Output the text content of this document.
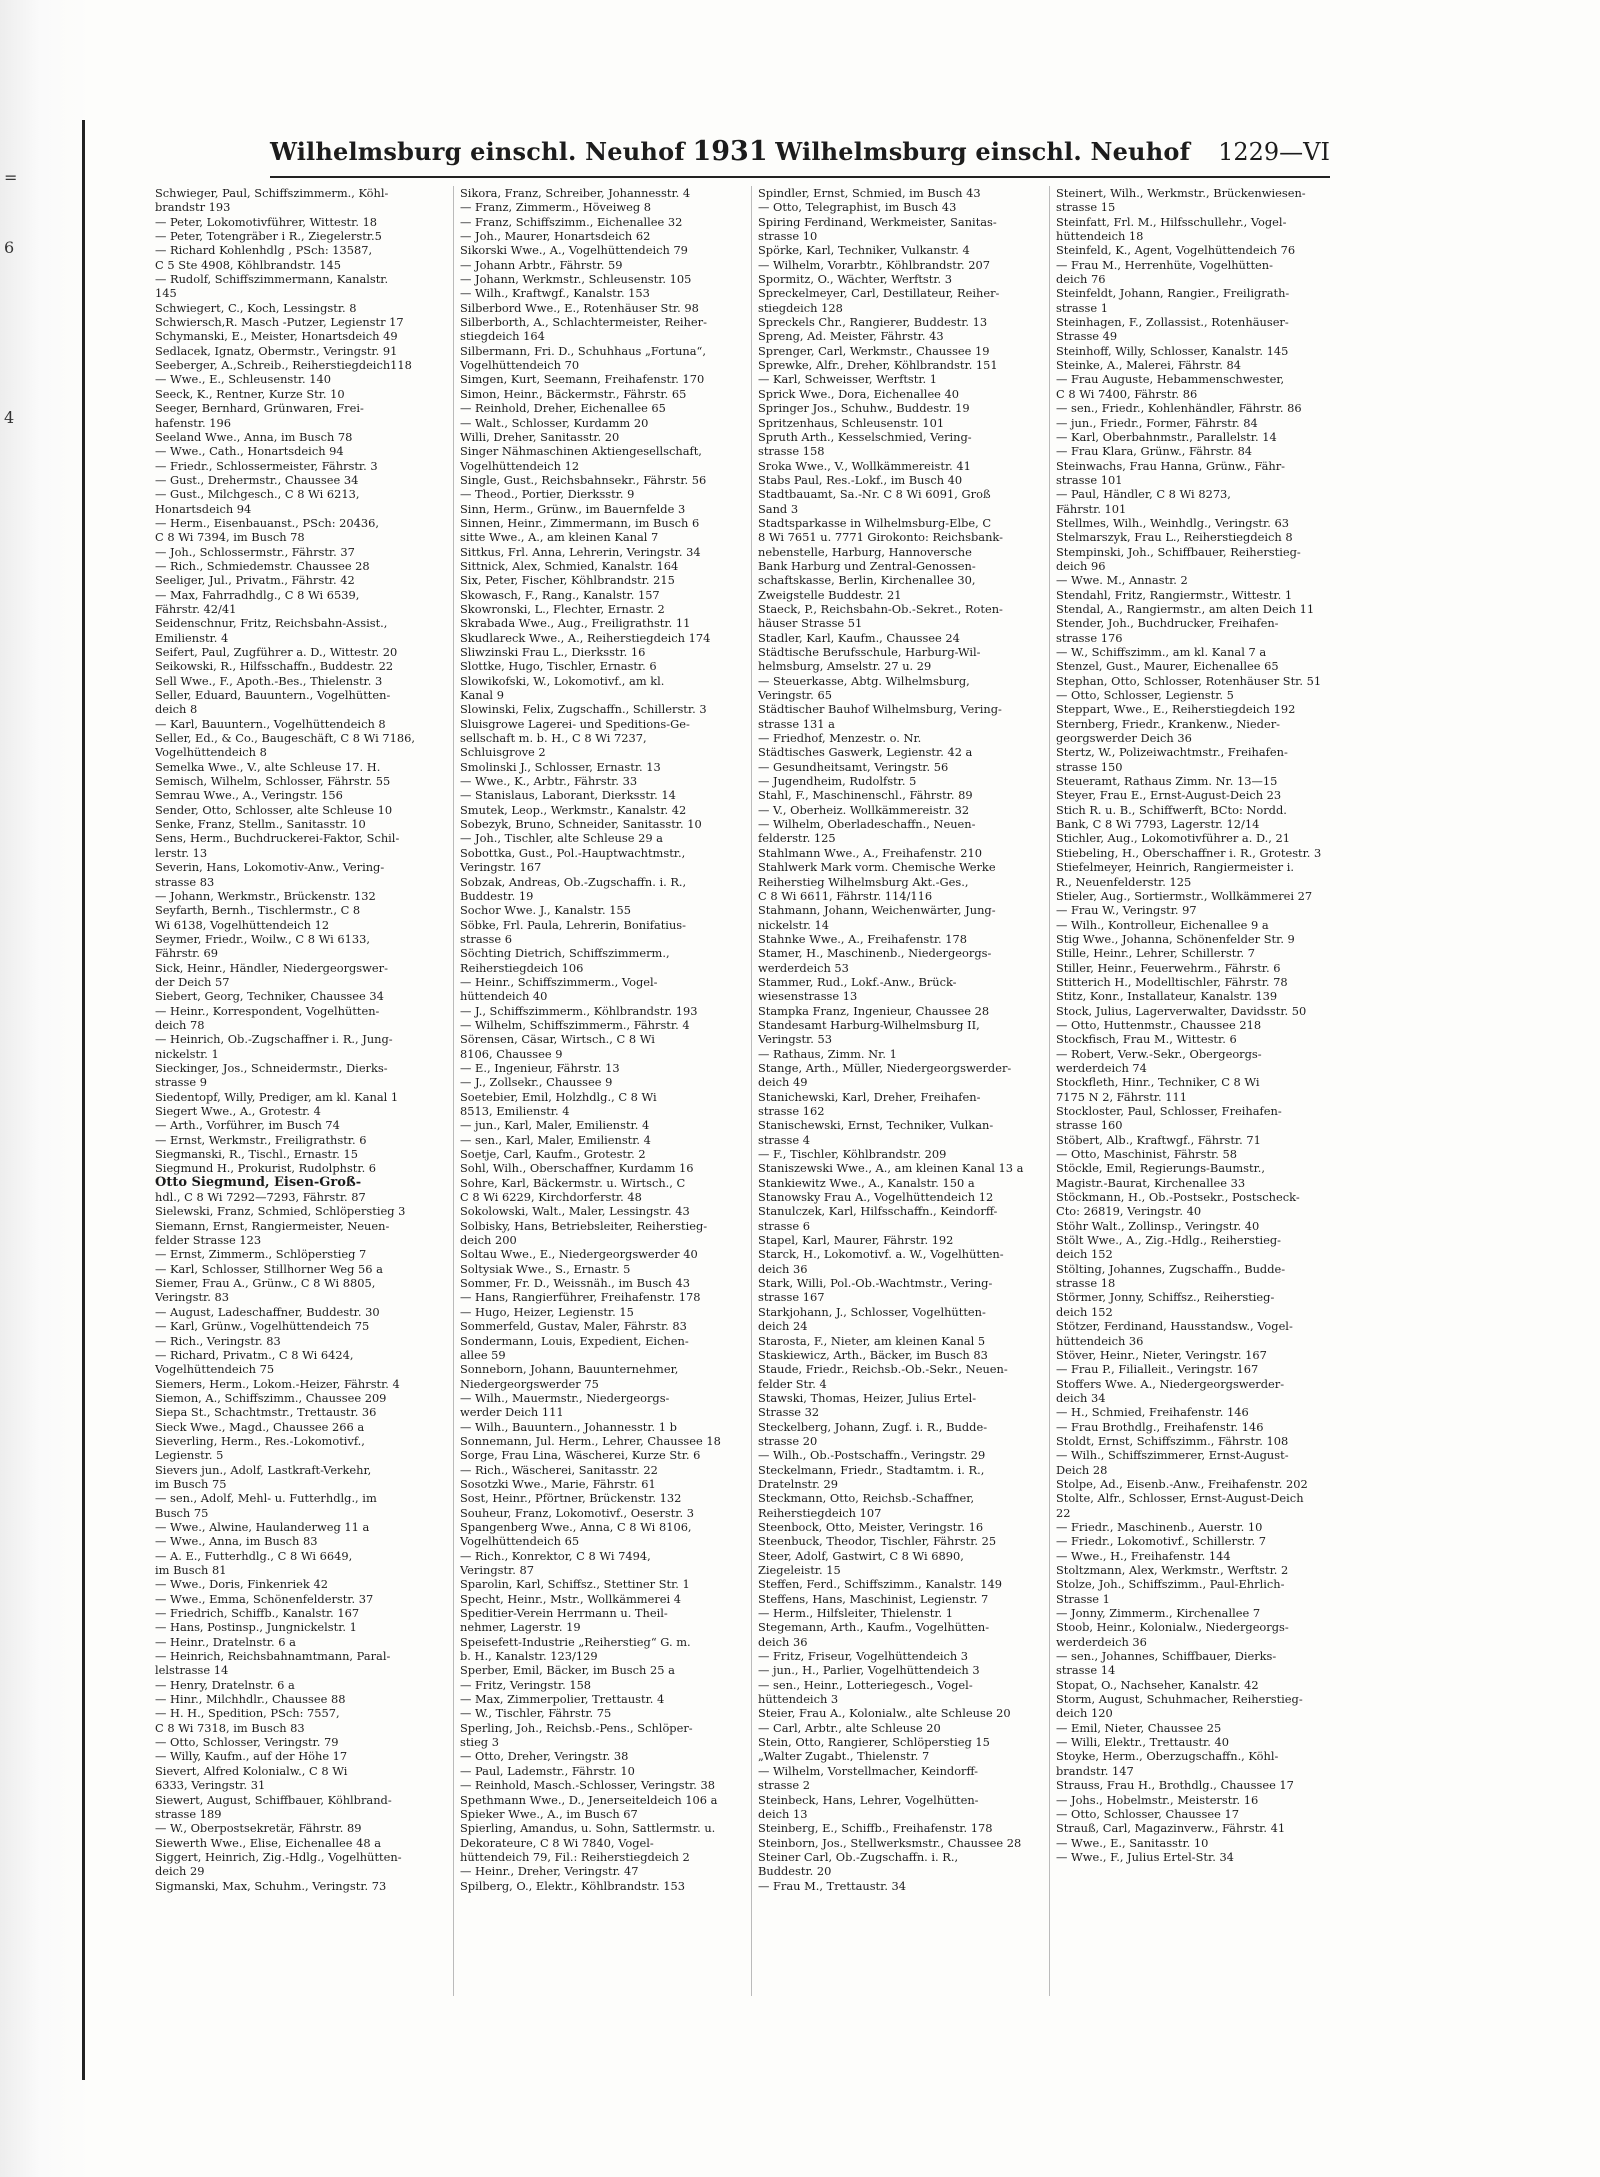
=
6
4
Wilhelmsburg einschl. Neuhof 1931 Wilhelmsburg einschl. Neuhof 1229—VI
Schwieger, Paul, Schiffszimmerm., Köhl-
brandstr 193
— Peter, Lokomotivführer, Wittestr. 18
— Peter, Totengräber i R., Ziegelerstr.5
— Richard Kohlenhdlg , PSch: 13587,
C 5 Ste 4908, Köhlbrandstr. 145
— Rudolf, Schiffszimmermann, Kanalstr.
145
Schwiegert, C., Koch, Lessingstr. 8
Schwiersch,R. Masch -Putzer, Legienstr 17
Schymanski, E., Meister, Honartsdeich 49
Sedlacek, Ignatz, Obermstr., Veringstr. 91
Seeberger, A.,Schreib., Reiherstiegdeich118
— Wwe., E., Schleusenstr. 140
Seeck, K., Rentner, Kurze Str. 10
Seeger, Bernhard, Grünwaren, Frei-
hafenstr. 196
Seeland Wwe., Anna, im Busch 78
— Wwe., Cath., Honartsdeich 94
— Friedr., Schlossermeister, Fährstr. 3
— Gust., Drehermstr., Chaussee 34
— Gust., Milchgesch., C 8 Wi 6213,
Honartsdeich 94
— Herm., Eisenbauanst., PSch: 20436,
C 8 Wi 7394, im Busch 78
— Joh., Schlossermstr., Fährstr. 37
— Rich., Schmiedemstr. Chaussee 28
Seeliger, Jul., Privatm., Fährstr. 42
— Max, Fahrradhdlg., C 8 Wi 6539,
Fährstr. 42/41
Seidenschnur, Fritz, Reichsbahn-Assist.,
Emilienstr. 4
Seifert, Paul, Zugführer a. D., Wittestr. 20
Seikowski, R., Hilfsschaffn., Buddestr. 22
Sell Wwe., F., Apoth.-Bes., Thielenstr. 3
Seller, Eduard, Bauuntern., Vogelhütten-
deich 8
— Karl, Bauuntern., Vogelhüttendeich 8
Seller, Ed., & Co., Baugeschäft, C 8 Wi 7186,
Vogelhüttendeich 8
Semelka Wwe., V., alte Schleuse 17. H.
Semisch, Wilhelm, Schlosser, Fährstr. 55
Semrau Wwe., A., Veringstr. 156
Sender, Otto, Schlosser, alte Schleuse 10
Senke, Franz, Stellm., Sanitasstr. 10
Sens, Herm., Buchdruckerei-Faktor, Schil-
lerstr. 13
Severin, Hans, Lokomotiv-Anw., Vering-
strasse 83
— Johann, Werkmstr., Brückenstr. 132
Seyfarth, Bernh., Tischlermstr., C 8
Wi 6138, Vogelhüttendeich 12
Seymer, Friedr., Woilw., C 8 Wi 6133,
Fährstr. 69
Sick, Heinr., Händler, Niedergeorgswer-
der Deich 57
Siebert, Georg, Techniker, Chaussee 34
— Heinr., Korrespondent, Vogelhütten-
deich 78
— Heinrich, Ob.-Zugschaffner i. R., Jung-
nickelstr. 1
Sieckinger, Jos., Schneidermstr., Dierks-
strasse 9
Siedentopf, Willy, Prediger, am kl. Kanal 1
Siegert Wwe., A., Grotestr. 4
— Arth., Vorführer, im Busch 74
— Ernst, Werkmstr., Freiligrathstr. 6
Siegmanski, R., Tischl., Ernastr. 15
Siegmund H., Prokurist, Rudolphstr. 6
Otto Siegmund, Eisen-Groß-
hdl., C 8 Wi 7292—7293, Fährstr. 87
Sielewski, Franz, Schmied, Schlöperstieg 3
Siemann, Ernst, Rangiermeister, Neuen-
felder Strasse 123
— Ernst, Zimmerm., Schlöperstieg 7
— Karl, Schlosser, Stillhorner Weg 56 a
Siemer, Frau A., Grünw., C 8 Wi 8805,
Veringstr. 83
— August, Ladeschaffner, Buddestr. 30
— Karl, Grünw., Vogelhüttendeich 75
— Rich., Veringstr. 83
— Richard, Privatm., C 8 Wi 6424,
Vogelhüttendeich 75
Siemers, Herm., Lokom.-Heizer, Fährstr. 4
Siemon, A., Schiffszimm., Chaussee 209
Siepa St., Schachtmstr., Trettaustr. 36
Sieck Wwe., Magd., Chaussee 266 a
Sieverling, Herm., Res.-Lokomotivf.,
Legienstr. 5
Sievers jun., Adolf, Lastkraft-Verkehr,
im Busch 75
— sen., Adolf, Mehl- u. Futterhdlg., im
Busch 75
— Wwe., Alwine, Haulanderweg 11 a
— Wwe., Anna, im Busch 83
— A. E., Futterhdlg., C 8 Wi 6649,
im Busch 81
— Wwe., Doris, Finkenriek 42
— Wwe., Emma, Schönenfelderstr. 37
— Friedrich, Schiffb., Kanalstr. 167
— Hans, Postinsp., Jungnickelstr. 1
— Heinr., Dratelnstr. 6 a
— Heinrich, Reichsbahnamtmann, Paral-
lelstrasse 14
— Henry, Dratelnstr. 6 a
— Hinr., Milchhdlr., Chaussee 88
— H. H., Spedition, PSch: 7557,
C 8 Wi 7318, im Busch 83
— Otto, Schlosser, Veringstr. 79
— Willy, Kaufm., auf der Höhe 17
Sievert, Alfred Kolonialw., C 8 Wi
6333, Veringstr. 31
Siewert, August, Schiffbauer, Köhlbrand-
strasse 189
— W., Oberpostsekretär, Fährstr. 89
Siewerth Wwe., Elise, Eichenallee 48 a
Siggert, Heinrich, Zig.-Hdlg., Vogelhütten-
deich 29
Sigmanski, Max, Schuhm., Veringstr. 73
Sikora, Franz, Schreiber, Johannesstr. 4
— Franz, Zimmerm., Höveiweg 8
— Franz, Schiffszimm., Eichenallee 32
— Joh., Maurer, Honartsdeich 62
Sikorski Wwe., A., Vogelhüttendeich 79
— Johann Arbtr., Fährstr. 59
— Johann, Werkmstr., Schleusenstr. 105
— Wilh., Kraftwgf., Kanalstr. 153
Silberbord Wwe., E., Rotenhäuser Str. 98
Silberborth, A., Schlachtermeister, Reiher-
stiegdeich 164
Silbermann, Fri. D., Schuhhaus „Fortuna“,
Vogelhüttendeich 70
Simgen, Kurt, Seemann, Freihafenstr. 170
Simon, Heinr., Bäckermstr., Fährstr. 65
— Reinhold, Dreher, Eichenallee 65
— Walt., Schlosser, Kurdamm 20
Willi, Dreher, Sanitasstr. 20
Singer Nähmaschinen Aktiengesellschaft,
Vogelhüttendeich 12
Single, Gust., Reichsbahnsekr., Fährstr. 56
— Theod., Portier, Dierksstr. 9
Sinn, Herm., Grünw., im Bauernfelde 3
Sinnen, Heinr., Zimmermann, im Busch 6
sitte Wwe., A., am kleinen Kanal 7
Sittkus, Frl. Anna, Lehrerin, Veringstr. 34
Sittnick, Alex, Schmied, Kanalstr. 164
Six, Peter, Fischer, Köhlbrandstr. 215
Skowasch, F., Rang., Kanalstr. 157
Skowronski, L., Flechter, Ernastr. 2
Skrabada Wwe., Aug., Freiligrathstr. 11
Skudlareck Wwe., A., Reiherstiegdeich 174
Sliwzinski Frau L., Dierksstr. 16
Slottke, Hugo, Tischler, Ernastr. 6
Slowikofski, W., Lokomotivf., am kl.
Kanal 9
Slowinski, Felix, Zugschaffn., Schillerstr. 3
Sluisgrowe Lagerei- und Speditions-Ge-
sellschaft m. b. H., C 8 Wi 7237,
Schluisgrove 2
Smolinski J., Schlosser, Ernastr. 13
— Wwe., K., Arbtr., Fährstr. 33
— Stanislaus, Laborant, Dierksstr. 14
Smutek, Leop., Werkmstr., Kanalstr. 42
Sobezyk, Bruno, Schneider, Sanitasstr. 10
— Joh., Tischler, alte Schleuse 29 a
Sobottka, Gust., Pol.-Hauptwachtmstr.,
Veringstr. 167
Sobzak, Andreas, Ob.-Zugschaffn. i. R.,
Buddestr. 19
Sochor Wwe. J., Kanalstr. 155
Söbke, Frl. Paula, Lehrerin, Bonifatius-
strasse 6
Söchting Dietrich, Schiffszimmerm.,
Reiherstiegdeich 106
— Heinr., Schiffszimmerm., Vogel-
hüttendeich 40
— J., Schiffszimmerm., Köhlbrandstr. 193
— Wilhelm, Schiffszimmerm., Fährstr. 4
Sörensen, Cäsar, Wirtsch., C 8 Wi
8106, Chaussee 9
— E., Ingenieur, Fährstr. 13
— J., Zollsekr., Chaussee 9
Soetebier, Emil, Holzhdlg., C 8 Wi
8513, Emilienstr. 4
— jun., Karl, Maler, Emilienstr. 4
— sen., Karl, Maler, Emilienstr. 4
Soetje, Carl, Kaufm., Grotestr. 2
Sohl, Wilh., Oberschaffner, Kurdamm 16
Sohre, Karl, Bäckermstr. u. Wirtsch., C
C 8 Wi 6229, Kirchdorferstr. 48
Sokolowski, Walt., Maler, Lessingstr. 43
Solbisky, Hans, Betriebsleiter, Reiherstieg-
deich 200
Soltau Wwe., E., Niedergeorgswerder 40
Soltysiak Wwe., S., Ernastr. 5
Sommer, Fr. D., Weissnäh., im Busch 43
— Hans, Rangierführer, Freihafenstr. 178
— Hugo, Heizer, Legienstr. 15
Sommerfeld, Gustav, Maler, Fährstr. 83
Sondermann, Louis, Expedient, Eichen-
allee 59
Sonneborn, Johann, Bauunternehmer,
Niedergeorgswerder 75
— Wilh., Mauermstr., Niedergeorgs-
werder Deich 111
— Wilh., Bauuntern., Johannesstr. 1 b
Sonnemann, Jul. Herm., Lehrer, Chaussee 18
Sorge, Frau Lina, Wäscherei, Kurze Str. 6
— Rich., Wäscherei, Sanitasstr. 22
Sosotzki Wwe., Marie, Fährstr. 61
Sost, Heinr., Pförtner, Brückenstr. 132
Souheur, Franz, Lokomotivf., Oeserstr. 3
Spangenberg Wwe., Anna, C 8 Wi 8106,
Vogelhüttendeich 65
— Rich., Konrektor, C 8 Wi 7494,
Veringstr. 87
Sparolin, Karl, Schiffsz., Stettiner Str. 1
Specht, Heinr., Mstr., Wollkämmerei 4
Speditier-Verein Herrmann u. Theil-
nehmer, Lagerstr. 19
Speisefett-Industrie „Reiherstieg“ G. m.
b. H., Kanalstr. 123/129
Sperber, Emil, Bäcker, im Busch 25 a
— Fritz, Veringstr. 158
— Max, Zimmerpolier, Trettaustr. 4
— W., Tischler, Fährstr. 75
Sperling, Joh., Reichsb.-Pens., Schlöper-
stieg 3
— Otto, Dreher, Veringstr. 38
— Paul, Lademstr., Fährstr. 10
— Reinhold, Masch.-Schlosser, Veringstr. 38
Spethmann Wwe., D., Jenerseiteldeich 106 a
Spieker Wwe., A., im Busch 67
Spierling, Amandus, u. Sohn, Sattlermstr. u.
Dekorateure, C 8 Wi 7840, Vogel-
hüttendeich 79, Fil.: Reiherstiegdeich 2
— Heinr., Dreher, Veringstr. 47
Spilberg, O., Elektr., Köhlbrandstr. 153
Spindler, Ernst, Schmied, im Busch 43
— Otto, Telegraphist, im Busch 43
Spiring Ferdinand, Werkmeister, Sanitas-
strasse 10
Spörke, Karl, Techniker, Vulkanstr. 4
— Wilhelm, Vorarbtr., Köhlbrandstr. 207
Spormitz, O., Wächter, Werftstr. 3
Spreckelmeyer, Carl, Destillateur, Reiher-
stiegdeich 128
Spreckels Chr., Rangierer, Buddestr. 13
Spreng, Ad. Meister, Fährstr. 43
Sprenger, Carl, Werkmstr., Chaussee 19
Sprewke, Alfr., Dreher, Köhlbrandstr. 151
— Karl, Schweisser, Werftstr. 1
Sprick Wwe., Dora, Eichenallee 40
Springer Jos., Schuhw., Buddestr. 19
Spritzenhaus, Schleusenstr. 101
Spruth Arth., Kesselschmied, Vering-
strasse 158
Sroka Wwe., V., Wollkämmereistr. 41
Stabs Paul, Res.-Lokf., im Busch 40
Stadtbauamt, Sa.-Nr. C 8 Wi 6091, Groß
Sand 3
Stadtsparkasse in Wilhelmsburg-Elbe, C
8 Wi 7651 u. 7771 Girokonto: Reichsbank-
nebenstelle, Harburg, Hannoversche
Bank Harburg und Zentral-Genossen-
schaftskasse, Berlin, Kirchenallee 30,
Zweigstelle Buddestr. 21
Staeck, P., Reichsbahn-Ob.-Sekret., Roten-
häuser Strasse 51
Stadler, Karl, Kaufm., Chaussee 24
Städtische Berufsschule, Harburg-Wil-
helmsburg, Amselstr. 27 u. 29
— Steuerkasse, Abtg. Wilhelmsburg,
Veringstr. 65
Städtischer Bauhof Wilhelmsburg, Vering-
strasse 131 a
— Friedhof, Menzestr. o. Nr.
Städtisches Gaswerk, Legienstr. 42 a
— Gesundheitsamt, Veringstr. 56
— Jugendheim, Rudolfstr. 5
Stahl, F., Maschinenschl., Fährstr. 89
— V., Oberheiz. Wollkämmereistr. 32
— Wilhelm, Oberladeschaffn., Neuen-
felderstr. 125
Stahlmann Wwe., A., Freihafenstr. 210
Stahlwerk Mark vorm. Chemische Werke
Reiherstieg Wilhelmsburg Akt.-Ges.,
C 8 Wi 6611, Fährstr. 114/116
Stahmann, Johann, Weichenwärter, Jung-
nickelstr. 14
Stahnke Wwe., A., Freihafenstr. 178
Stamer, H., Maschinenb., Niedergeorgs-
werderdeich 53
Stammer, Rud., Lokf.-Anw., Brück-
wiesenstrasse 13
Stampka Franz, Ingenieur, Chaussee 28
Standesamt Harburg-Wilhelmsburg II,
Veringstr. 53
— Rathaus, Zimm. Nr. 1
Stange, Arth., Müller, Niedergeorgswerder-
deich 49
Stanichewski, Karl, Dreher, Freihafen-
strasse 162
Stanischewski, Ernst, Techniker, Vulkan-
strasse 4
— F., Tischler, Köhlbrandstr. 209
Staniszewski Wwe., A., am kleinen Kanal 13 a
Stankiewitz Wwe., A., Kanalstr. 150 a
Stanowsky Frau A., Vogelhüttendeich 12
Stanulczek, Karl, Hilfsschaffn., Keindorff-
strasse 6
Stapel, Karl, Maurer, Fährstr. 192
Starck, H., Lokomotivf. a. W., Vogelhütten-
deich 36
Stark, Willi, Pol.-Ob.-Wachtmstr., Vering-
strasse 167
Starkjohann, J., Schlosser, Vogelhütten-
deich 24
Starosta, F., Nieter, am kleinen Kanal 5
Staskiewicz, Arth., Bäcker, im Busch 83
Staude, Friedr., Reichsb.-Ob.-Sekr., Neuen-
felder Str. 4
Stawski, Thomas, Heizer, Julius Ertel-
Strasse 32
Steckelberg, Johann, Zugf. i. R., Budde-
strasse 20
— Wilh., Ob.-Postschaffn., Veringstr. 29
Steckelmann, Friedr., Stadtamtm. i. R.,
Dratelnstr. 29
Steckmann, Otto, Reichsb.-Schaffner,
Reiherstiegdeich 107
Steenbock, Otto, Meister, Veringstr. 16
Steenbuck, Theodor, Tischler, Fährstr. 25
Steer, Adolf, Gastwirt, C 8 Wi 6890,
Ziegeleistr. 15
Steffen, Ferd., Schiffszimm., Kanalstr. 149
Steffens, Hans, Maschinist, Legienstr. 7
— Herm., Hilfsleiter, Thielenstr. 1
Stegemann, Arth., Kaufm., Vogelhütten-
deich 36
— Fritz, Friseur, Vogelhüttendeich 3
— jun., H., Parlier, Vogelhüttendeich 3
— sen., Heinr., Lotteriegesch., Vogel-
hüttendeich 3
Steier, Frau A., Kolonialw., alte Schleuse 20
— Carl, Arbtr., alte Schleuse 20
Stein, Otto, Rangierer, Schlöperstieg 15
„Walter Zugabt., Thielenstr. 7
— Wilhelm, Vorstellmacher, Keindorff-
strasse 2
Steinbeck, Hans, Lehrer, Vogelhütten-
deich 13
Steinberg, E., Schiffb., Freihafenstr. 178
Steinborn, Jos., Stellwerksmstr., Chaussee 28
Steiner Carl, Ob.-Zugschaffn. i. R.,
Buddestr. 20
— Frau M., Trettaustr. 34
Steinert, Wilh., Werkmstr., Brückenwiesen-
strasse 15
Steinfatt, Frl. M., Hilfsschullehr., Vogel-
hüttendeich 18
Steinfeld, K., Agent, Vogelhüttendeich 76
— Frau M., Herrenhüte, Vogelhütten-
deich 76
Steinfeldt, Johann, Rangier., Freiligrath-
strasse 1
Steinhagen, F., Zollassist., Rotenhäuser-
Strasse 49
Steinhoff, Willy, Schlosser, Kanalstr. 145
Steinke, A., Malerei, Fährstr. 84
— Frau Auguste, Hebammenschwester,
C 8 Wi 7400, Fährstr. 86
— sen., Friedr., Kohlenhändler, Fährstr. 86
— jun., Friedr., Former, Fährstr. 84
— Karl, Oberbahnmstr., Parallelstr. 14
— Frau Klara, Grünw., Fährstr. 84
Steinwachs, Frau Hanna, Grünw., Fähr-
strasse 101
— Paul, Händler, C 8 Wi 8273,
Fährstr. 101
Stellmes, Wilh., Weinhdlg., Veringstr. 63
Stelmarszyk, Frau L., Reiherstiegdeich 8
Stempinski, Joh., Schiffbauer, Reiherstieg-
deich 96
— Wwe. M., Annastr. 2
Stendahl, Fritz, Rangiermstr., Wittestr. 1
Stendal, A., Rangiermstr., am alten Deich 11
Stender, Joh., Buchdrucker, Freihafen-
strasse 176
— W., Schiffszimm., am kl. Kanal 7 a
Stenzel, Gust., Maurer, Eichenallee 65
Stephan, Otto, Schlosser, Rotenhäuser Str. 51
— Otto, Schlosser, Legienstr. 5
Steppart, Wwe., E., Reiherstiegdeich 192
Sternberg, Friedr., Krankenw., Nieder-
georgswerder Deich 36
Stertz, W., Polizeiwachtmstr., Freihafen-
strasse 150
Steueramt, Rathaus Zimm. Nr. 13—15
Steyer, Frau E., Ernst-August-Deich 23
Stich R. u. B., Schiffwerft, BCto: Nordd.
Bank, C 8 Wi 7793, Lagerstr. 12/14
Stichler, Aug., Lokomotivführer a. D., 21
Stiebeling, H., Oberschaffner i. R., Grotestr. 3
Stiefelmeyer, Heinrich, Rangiermeister i.
R., Neuenfelderstr. 125
Stieler, Aug., Sortiermstr., Wollkämmerei 27
— Frau W., Veringstr. 97
— Wilh., Kontrolleur, Eichenallee 9 a
Stig Wwe., Johanna, Schönenfelder Str. 9
Stille, Heinr., Lehrer, Schillerstr. 7
Stiller, Heinr., Feuerwehrm., Fährstr. 6
Stitterich H., Modelltischler, Fährstr. 78
Stitz, Konr., Installateur, Kanalstr. 139
Stock, Julius, Lagerverwalter, Davidsstr. 50
— Otto, Huttenmstr., Chaussee 218
Stockfisch, Frau M., Wittestr. 6
— Robert, Verw.-Sekr., Obergeorgs-
werderdeich 74
Stockfleth, Hinr., Techniker, C 8 Wi
7175 N 2, Fährstr. 111
Stockloster, Paul, Schlosser, Freihafen-
strasse 160
Stöbert, Alb., Kraftwgf., Fährstr. 71
— Otto, Maschinist, Fährstr. 58
Stöckle, Emil, Regierungs-Baumstr.,
Magistr.-Baurat, Kirchenallee 33
Stöckmann, H., Ob.-Postsekr., Postscheck-
Cto: 26819, Veringstr. 40
Stöhr Walt., Zollinsp., Veringstr. 40
Stölt Wwe., A., Zig.-Hdlg., Reiherstieg-
deich 152
Stölting, Johannes, Zugschaffn., Budde-
strasse 18
Störmer, Jonny, Schiffsz., Reiherstieg-
deich 152
Stötzer, Ferdinand, Hausstandsw., Vogel-
hüttendeich 36
Stöver, Heinr., Nieter, Veringstr. 167
— Frau P., Filialleit., Veringstr. 167
Stoffers Wwe. A., Niedergeorgswerder-
deich 34
— H., Schmied, Freihafenstr. 146
— Frau Brothdlg., Freihafenstr. 146
Stoldt, Ernst, Schiffszimm., Fährstr. 108
— Wilh., Schiffszimmerer, Ernst-August-
Deich 28
Stolpe, Ad., Eisenb.-Anw., Freihafenstr. 202
Stolte, Alfr., Schlosser, Ernst-August-Deich
22
— Friedr., Maschinenb., Auerstr. 10
— Friedr., Lokomotivf., Schillerstr. 7
— Wwe., H., Freihafenstr. 144
Stoltzmann, Alex, Werkmstr., Werftstr. 2
Stolze, Joh., Schiffszimm., Paul-Ehrlich-
Strasse 1
— Jonny, Zimmerm., Kirchenallee 7
Stoob, Heinr., Kolonialw., Niedergeorgs-
werderdeich 36
— sen., Johannes, Schiffbauer, Dierks-
strasse 14
Stopat, O., Nachseher, Kanalstr. 42
Storm, August, Schuhmacher, Reiherstieg-
deich 120
— Emil, Nieter, Chaussee 25
— Willi, Elektr., Trettaustr. 40
Stoyke, Herm., Oberzugschaffn., Köhl-
brandstr. 147
Strauss, Frau H., Brothdlg., Chaussee 17
— Johs., Hobelmstr., Meisterstr. 16
— Otto, Schlosser, Chaussee 17
Strauß, Carl, Magazinverw., Fährstr. 41
— Wwe., E., Sanitasstr. 10
— Wwe., F., Julius Ertel-Str. 34
